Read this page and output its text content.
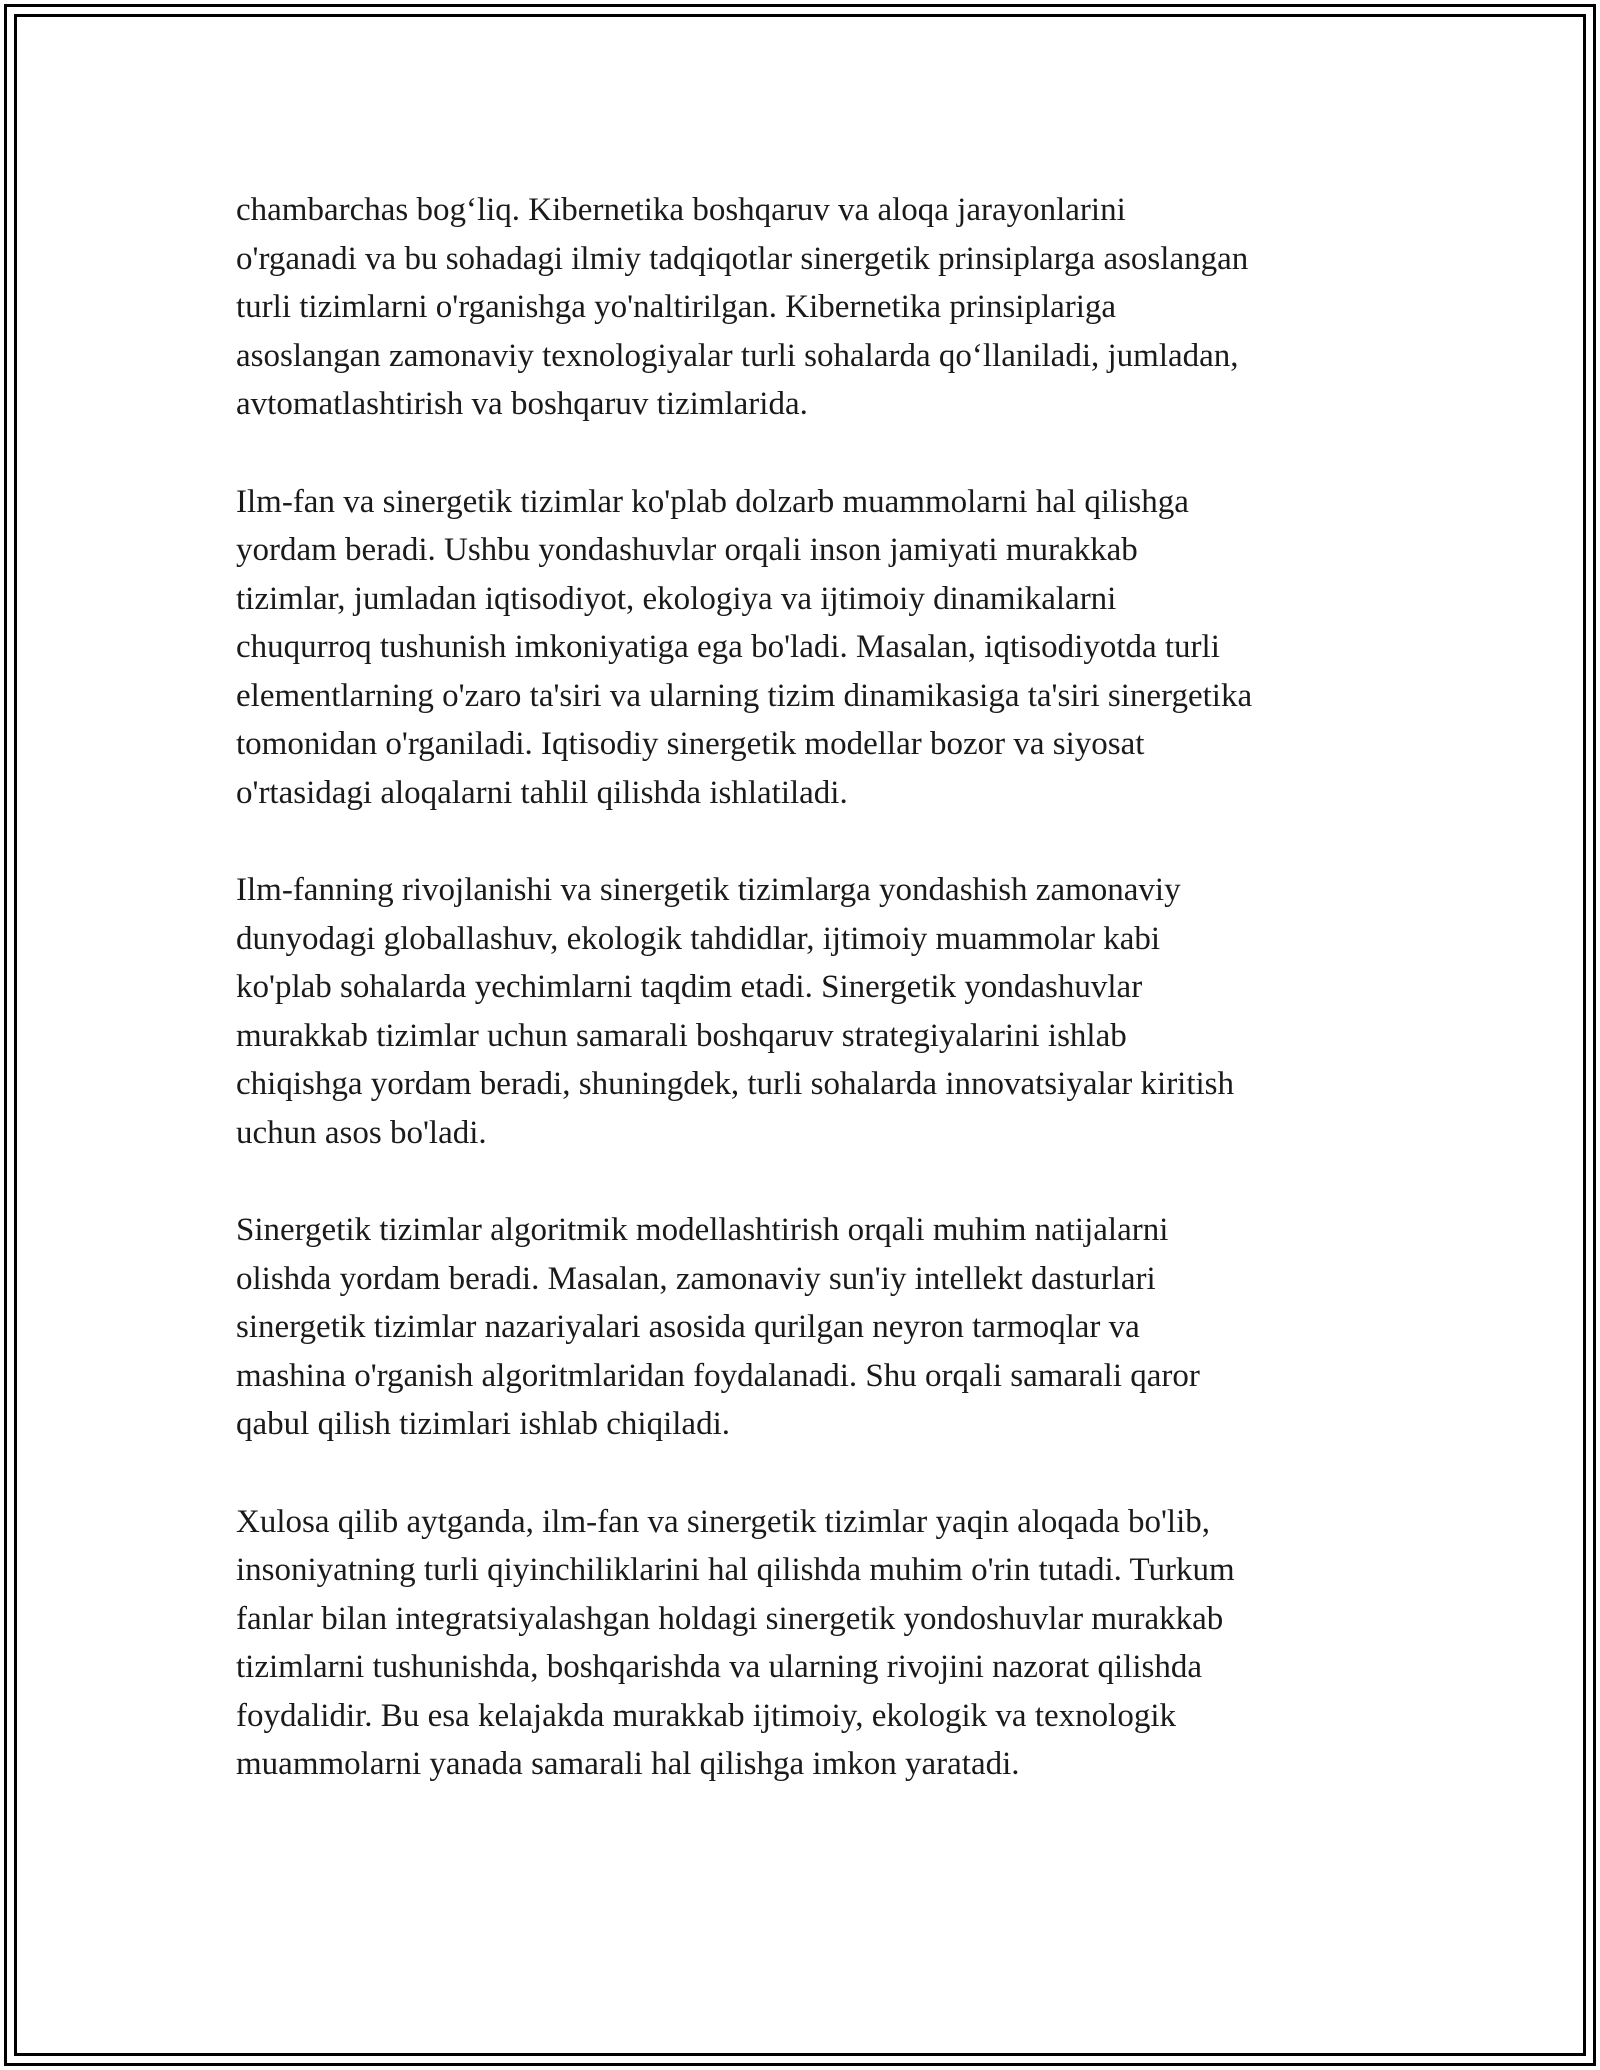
chambarchas bog‘liq. Kibernetika boshqaruv va aloqa jarayonlarini
o'rganadi va bu sohadagi ilmiy tadqiqotlar sinergetik prinsiplarga asoslangan
turli tizimlarni o'rganishga yo'naltirilgan. Kibernetika prinsiplariga
asoslangan zamonaviy texnologiyalar turli sohalarda qo‘llaniladi, jumladan,
avtomatlashtirish va boshqaruv tizimlarida.

Ilm-fan va sinergetik tizimlar ko'plab dolzarb muammolarni hal qilishga
yordam beradi. Ushbu yondashuvlar orqali inson jamiyati murakkab
tizimlar, jumladan iqtisodiyot, ekologiya va ijtimoiy dinamikalarni
chuqurroq tushunish imkoniyatiga ega bo'ladi. Masalan, iqtisodiyotda turli
elementlarning o'zaro ta'siri va ularning tizim dinamikasiga ta'siri sinergetika
tomonidan o'rganiladi. Iqtisodiy sinergetik modellar bozor va siyosat
o'rtasidagi aloqalarni tahlil qilishda ishlatiladi.

Ilm-fanning rivojlanishi va sinergetik tizimlarga yondashish zamonaviy
dunyodagi globallashuv, ekologik tahdidlar, ijtimoiy muammolar kabi
ko'plab sohalarda yechimlarni taqdim etadi. Sinergetik yondashuvlar
murakkab tizimlar uchun samarali boshqaruv strategiyalarini ishlab
chiqishga yordam beradi, shuningdek, turli sohalarda innovatsiyalar kiritish
uchun asos bo'ladi.

Sinergetik tizimlar algoritmik modellashtirish orqali muhim natijalarni
olishda yordam beradi. Masalan, zamonaviy sun'iy intellekt dasturlari
sinergetik tizimlar nazariyalari asosida qurilgan neyron tarmoqlar va
mashina o'rganish algoritmlaridan foydalanadi. Shu orqali samarali qaror
qabul qilish tizimlari ishlab chiqiladi.

Xulosa qilib aytganda, ilm-fan va sinergetik tizimlar yaqin aloqada bo'lib,
insoniyatning turli qiyinchiliklarini hal qilishda muhim o'rin tutadi. Turkum
fanlar bilan integratsiyalashgan holdagi sinergetik yondoshuvlar murakkab
tizimlarni tushunishda, boshqarishda va ularning rivojini nazorat qilishda
foydalidir. Bu esa kelajakda murakkab ijtimoiy, ekologik va texnologik
muammolarni yanada samarali hal qilishga imkon yaratadi.
